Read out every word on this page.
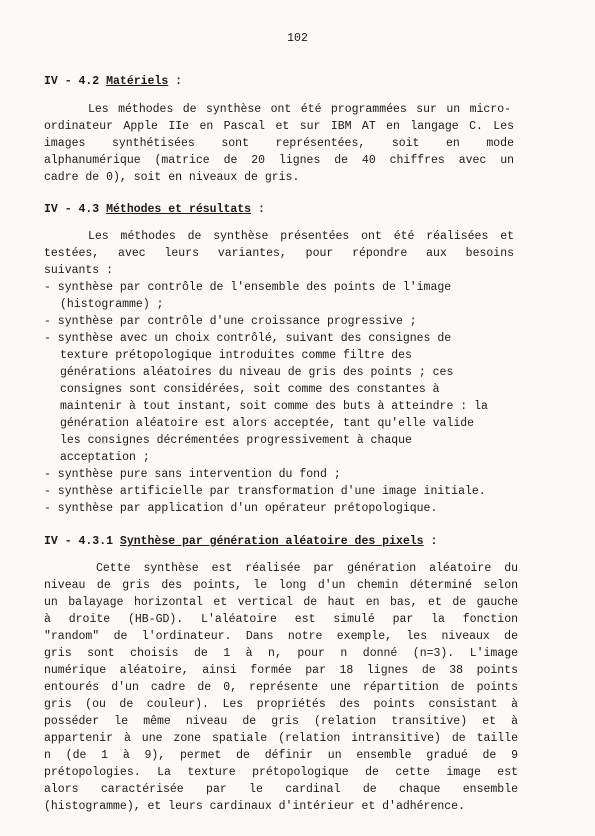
102
IV - 4.2 Matériels :
Les méthodes de synthèse ont été programmées sur un micro-
ordinateur Apple IIe en Pascal et sur IBM AT en langage C. Les
images synthétisées sont représentées, soit en mode
alphanumérique (matrice de 20 lignes de 40 chiffres avec un
cadre de 0), soit en niveaux de gris.
IV - 4.3 Méthodes et résultats :
Les méthodes de synthèse présentées ont été réalisées et
testées, avec leurs variantes, pour répondre aux besoins
suivants :
- synthèse par contrôle de l'ensemble des points de l'image
(histogramme) ;
- synthèse par contrôle d'une croissance progressive ;
- synthèse avec un choix contrôlé, suivant des consignes de
texture prétopologique introduites comme filtre des
générations aléatoires du niveau de gris des points ; ces
consignes sont considérées, soit comme des constantes à
maintenir à tout instant, soit comme des buts à atteindre : la
génération aléatoire est alors acceptée, tant qu'elle valide
les consignes décrémentées progressivement à chaque
acceptation ;
- synthèse pure sans intervention du fond ;
- synthèse artificielle par transformation d'une image initiale.
- synthèse par application d'un opérateur prétopologique.
IV - 4.3.1 Synthèse par génération aléatoire des pixels :
Cette synthèse est réalisée par génération aléatoire du
niveau de gris des points, le long d'un chemin déterminé selon
un balayage horizontal et vertical de haut en bas, et de gauche
à droite (HB-GD). L'aléatoire est simulé par la fonction
"random" de l'ordinateur. Dans notre exemple, les niveaux de
gris sont choisis de 1 à n, pour n donné (n=3). L'image
numérique aléatoire, ainsi formée par 18 lignes de 38 points
entourés d'un cadre de 0, représente une répartition de points
gris (ou de couleur). Les propriétés des points consistant à
posséder le même niveau de gris (relation transitive) et à
appartenir à une zone spatiale (relation intransitive) de taille
n (de 1 à 9), permet de définir un ensemble gradué de 9
prétopologies. La texture prétopologique de cette image est
alors caractérisée par le cardinal de chaque ensemble
(histogramme), et leurs cardinaux d'intérieur et d'adhérence.
